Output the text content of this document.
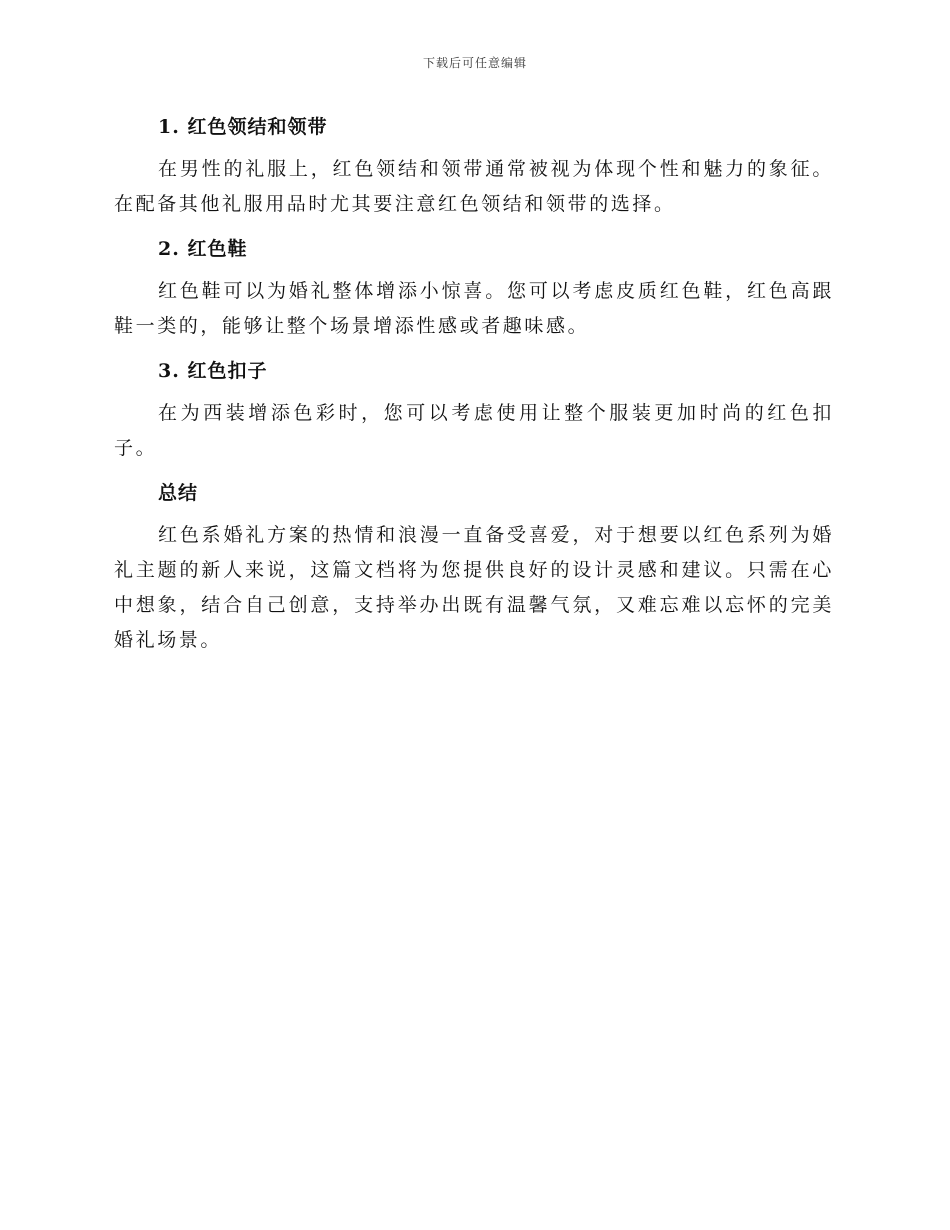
下载后可任意编辑
1. 红色领结和领带

在男性的礼服上，红色领结和领带通常被视为体现个性和魅力的象征。在配备其他礼服用品时尤其要注意红色领结和领带的选择。

2. 红色鞋

红色鞋可以为婚礼整体增添小惊喜。您可以考虑皮质红色鞋，红色高跟鞋一类的，能够让整个场景增添性感或者趣味感。

3. 红色扣子

在为西装增添色彩时，您可以考虑使用让整个服装更加时尚的红色扣子。

总结

红色系婚礼方案的热情和浪漫一直备受喜爱，对于想要以红色系列为婚礼主题的新人来说，这篇文档将为您提供良好的设计灵感和建议。只需在心中想象，结合自己创意，支持举办出既有温馨气氛，又难忘难以忘怀的完美婚礼场景。
